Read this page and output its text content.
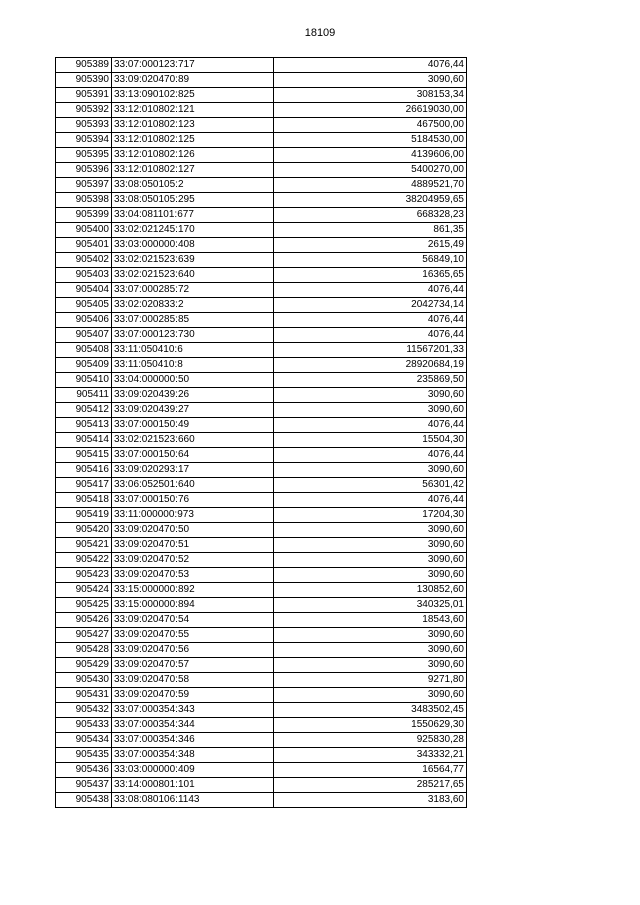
18109
905389	33:07:000123:717	4076,44
905390	33:09:020470:89	3090,60
905391	33:13:090102:825	308153,34
905392	33:12:010802:121	26619030,00
905393	33:12:010802:123	467500,00
905394	33:12:010802:125	5184530,00
905395	33:12:010802:126	4139606,00
905396	33:12:010802:127	5400270,00
905397	33:08:050105:2	4889521,70
905398	33:08:050105:295	38204959,65
905399	33:04:081101:677	668328,23
905400	33:02:021245:170	861,35
905401	33:03:000000:408	2615,49
905402	33:02:021523:639	56849,10
905403	33:02:021523:640	16365,65
905404	33:07:000285:72	4076,44
905405	33:02:020833:2	2042734,14
905406	33:07:000285:85	4076,44
905407	33:07:000123:730	4076,44
905408	33:11:050410:6	11567201,33
905409	33:11:050410:8	28920684,19
905410	33:04:000000:50	235869,50
905411	33:09:020439:26	3090,60
905412	33:09:020439:27	3090,60
905413	33:07:000150:49	4076,44
905414	33:02:021523:660	15504,30
905415	33:07:000150:64	4076,44
905416	33:09:020293:17	3090,60
905417	33:06:052501:640	56301,42
905418	33:07:000150:76	4076,44
905419	33:11:000000:973	17204,30
905420	33:09:020470:50	3090,60
905421	33:09:020470:51	3090,60
905422	33:09:020470:52	3090,60
905423	33:09:020470:53	3090,60
905424	33:15:000000:892	130852,60
905425	33:15:000000:894	340325,01
905426	33:09:020470:54	18543,60
905427	33:09:020470:55	3090,60
905428	33:09:020470:56	3090,60
905429	33:09:020470:57	3090,60
905430	33:09:020470:58	9271,80
905431	33:09:020470:59	3090,60
905432	33:07:000354:343	3483502,45
905433	33:07:000354:344	1550629,30
905434	33:07:000354:346	925830,28
905435	33:07:000354:348	343332,21
905436	33:03:000000:409	16564,77
905437	33:14:000801:101	285217,65
905438	33:08:080106:1143	3183,60
